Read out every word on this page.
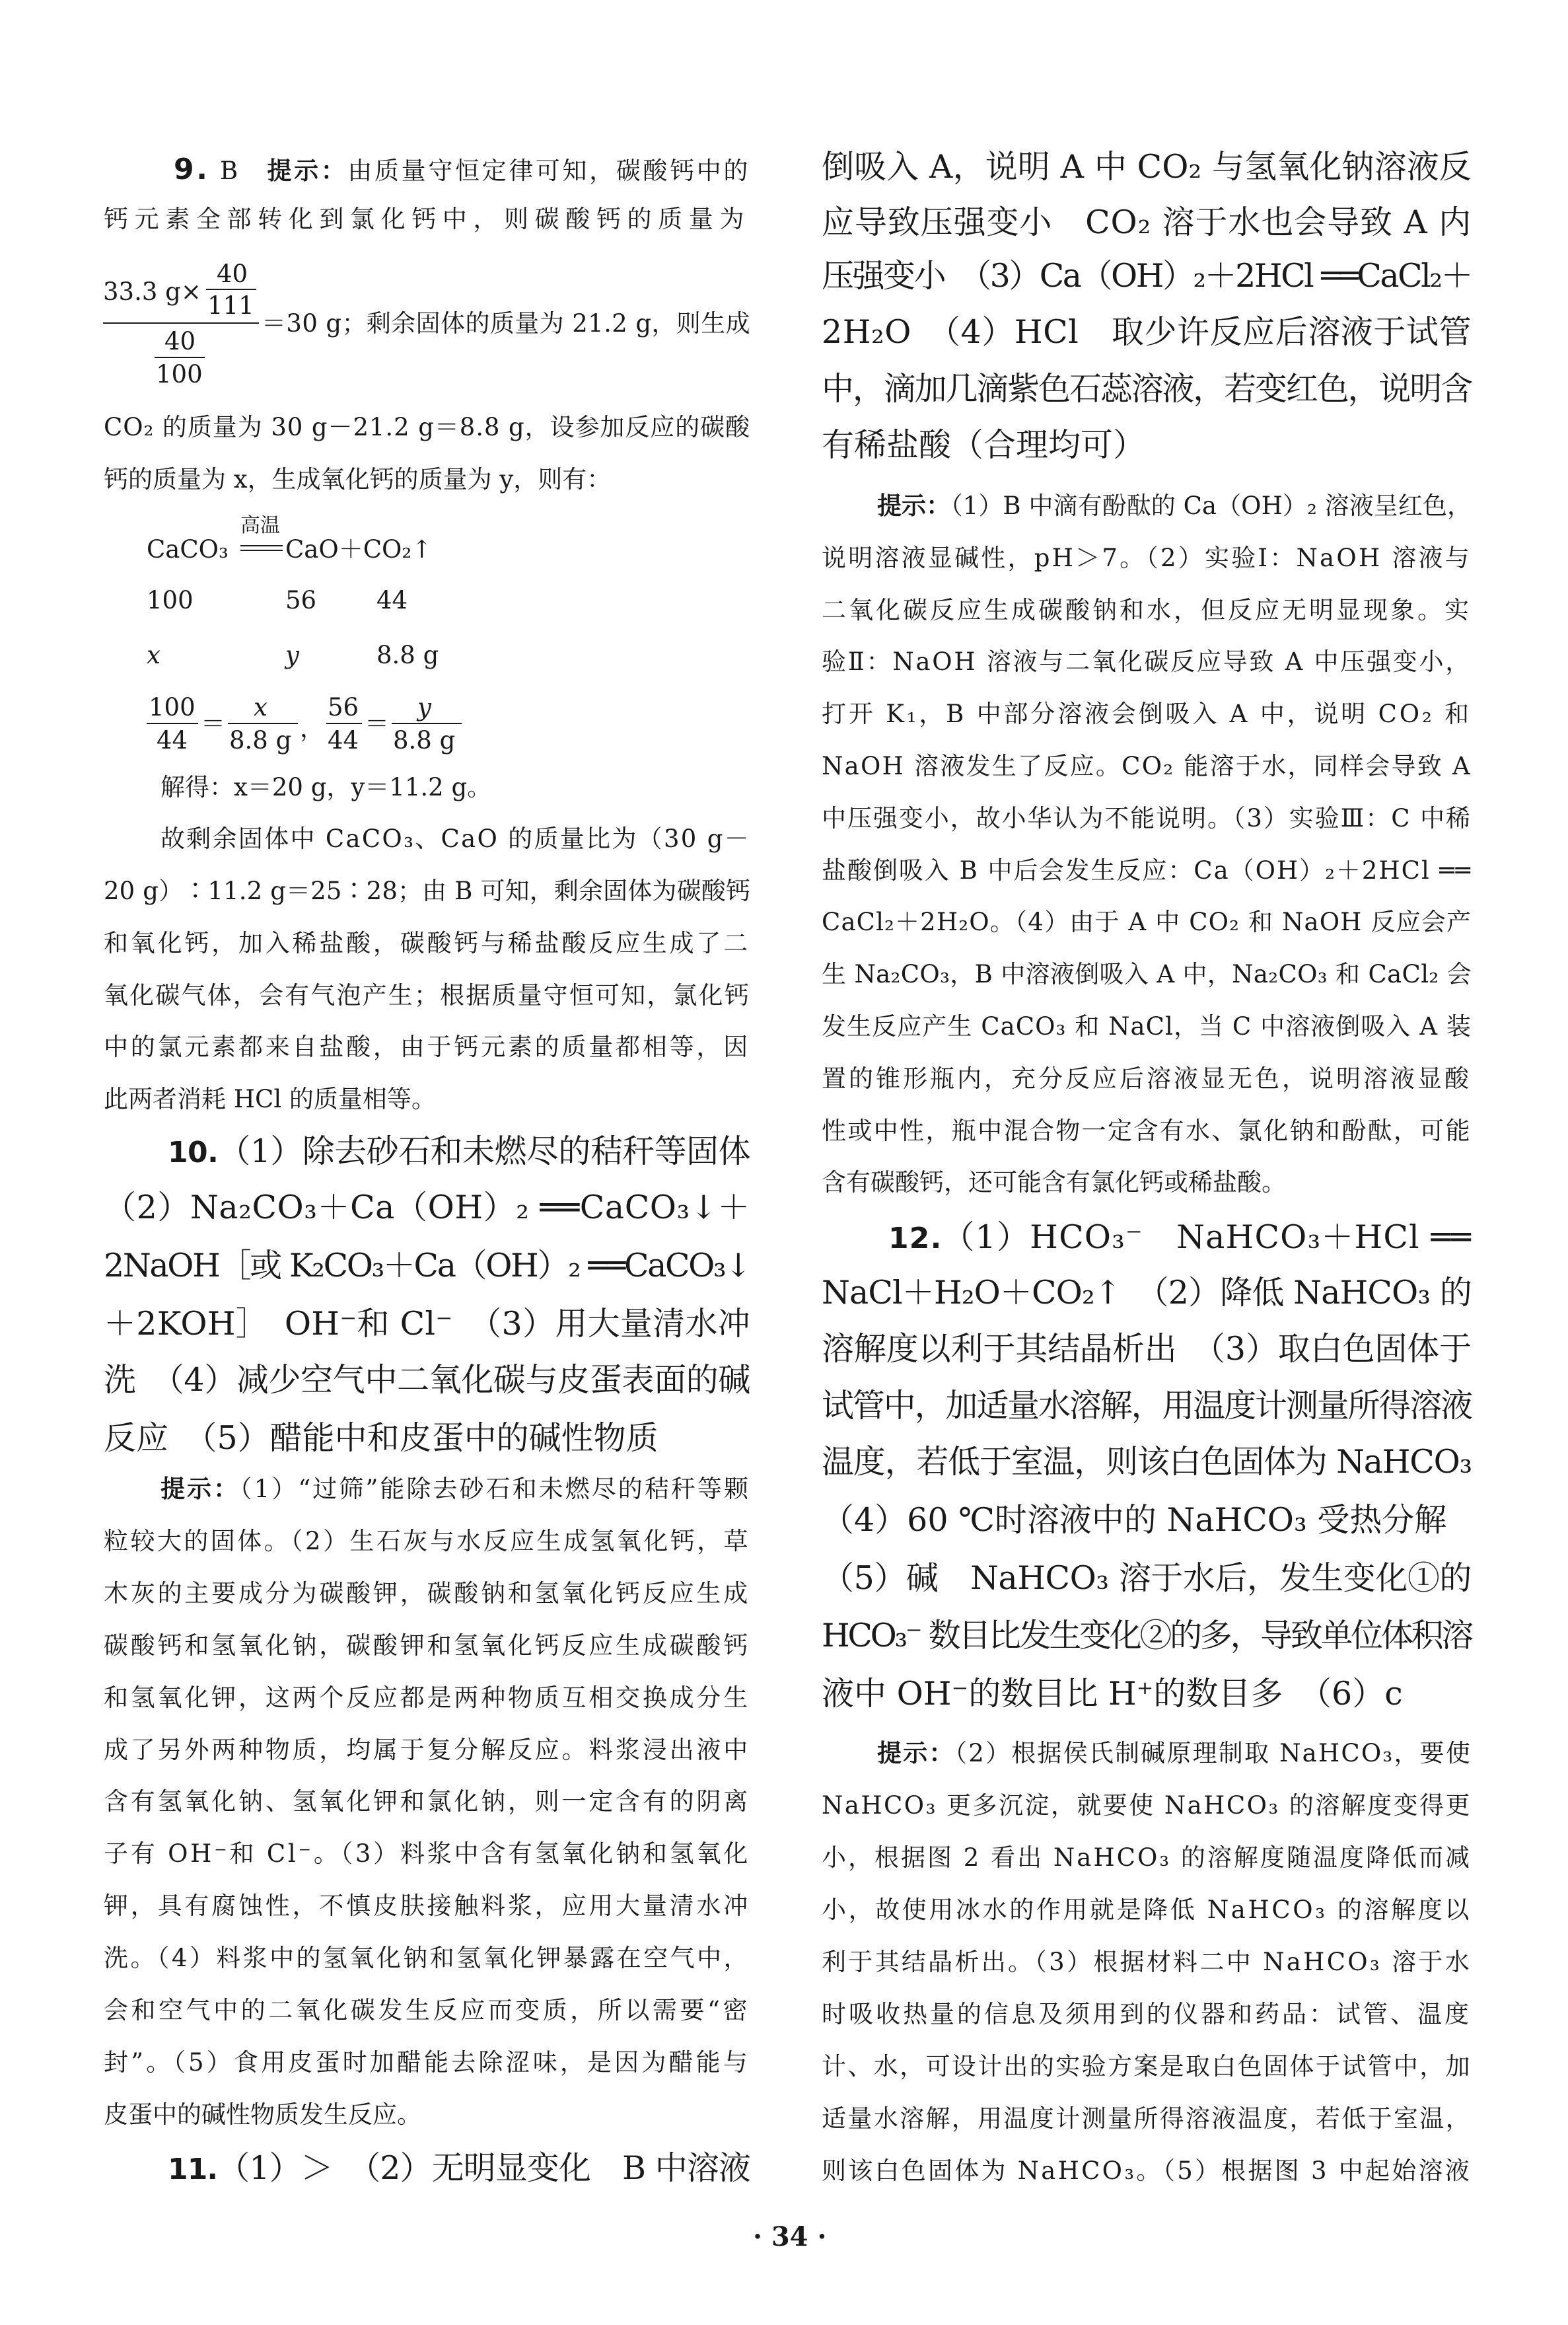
9. B　提示：由质量守恒定律可知，碳酸钙中的
钙元素全部转化到氯化钙中，则碳酸钙的质量为
CO₂ 的质量为 30 g－21.2 g＝8.8 g，设参加反应的碳酸
钙的质量为 x，生成氧化钙的质量为 y，则有：
解得：x＝20 g，y＝11.2 g。
故剩余固体中 CaCO₃、CaO 的质量比为（30 g－
20 g）∶11.2 g＝25∶28；由 B 可知，剩余固体为碳酸钙
和氧化钙，加入稀盐酸，碳酸钙与稀盐酸反应生成了二
氧化碳气体，会有气泡产生；根据质量守恒可知，氯化钙
中的氯元素都来自盐酸，由于钙元素的质量都相等，因
此两者消耗 HCl 的质量相等。
10.（1）除去砂石和未燃尽的秸秆等固体
（2）Na₂CO₃＋Ca（OH）₂ ══CaCO₃↓＋
2NaOH［或 K₂CO₃＋Ca（OH）₂ ══CaCO₃↓
＋2KOH］　OH⁻和 Cl⁻　（3）用大量清水冲
洗　（4）减少空气中二氧化碳与皮蛋表面的碱
反应　（5）醋能中和皮蛋中的碱性物质
提示：（1）“过筛”能除去砂石和未燃尽的秸秆等颗
粒较大的固体。（2）生石灰与水反应生成氢氧化钙，草
木灰的主要成分为碳酸钾，碳酸钠和氢氧化钙反应生成
碳酸钙和氢氧化钠，碳酸钾和氢氧化钙反应生成碳酸钙
和氢氧化钾，这两个反应都是两种物质互相交换成分生
成了另外两种物质，均属于复分解反应。料浆浸出液中
含有氢氧化钠、氢氧化钾和氯化钠，则一定含有的阴离
子有 OH⁻和 Cl⁻。（3）料浆中含有氢氧化钠和氢氧化
钾，具有腐蚀性，不慎皮肤接触料浆，应用大量清水冲
洗。（4）料浆中的氢氧化钠和氢氧化钾暴露在空气中，
会和空气中的二氧化碳发生反应而变质，所以需要“密
封”。（5）食用皮蛋时加醋能去除涩味，是因为醋能与
皮蛋中的碱性物质发生反应。
11.（1）＞　（2）无明显变化　B 中溶液
倒吸入 A，说明 A 中 CO₂ 与氢氧化钠溶液反
应导致压强变小　CO₂ 溶于水也会导致 A 内
压强变小　（3）Ca（OH）₂＋2HCl ══CaCl₂＋
2H₂O　（4）HCl　取少许反应后溶液于试管
中，滴加几滴紫色石蕊溶液，若变红色，说明含
有稀盐酸（合理均可）
提示：（1）B 中滴有酚酞的 Ca（OH）₂ 溶液呈红色，
说明溶液显碱性，pH＞7。（2）实验Ⅰ：NaOH 溶液与
二氧化碳反应生成碳酸钠和水，但反应无明显现象。实
验Ⅱ：NaOH 溶液与二氧化碳反应导致 A 中压强变小，
打开 K₁，B 中部分溶液会倒吸入 A 中，说明 CO₂ 和
NaOH 溶液发生了反应。CO₂ 能溶于水，同样会导致 A
中压强变小，故小华认为不能说明。（3）实验Ⅲ：C 中稀
盐酸倒吸入 B 中后会发生反应：Ca（OH）₂＋2HCl ══
CaCl₂＋2H₂O。（4）由于 A 中 CO₂ 和 NaOH 反应会产
生 Na₂CO₃，B 中溶液倒吸入 A 中，Na₂CO₃ 和 CaCl₂ 会
发生反应产生 CaCO₃ 和 NaCl，当 C 中溶液倒吸入 A 装
置的锥形瓶内，充分反应后溶液显无色，说明溶液显酸
性或中性，瓶中混合物一定含有水、氯化钠和酚酞，可能
含有碳酸钙，还可能含有氯化钙或稀盐酸。
12.（1）HCO₃⁻　NaHCO₃＋HCl ══
NaCl＋H₂O＋CO₂↑　（2）降低 NaHCO₃ 的
溶解度以利于其结晶析出　（3）取白色固体于
试管中，加适量水溶解，用温度计测量所得溶液
温度，若低于室温，则该白色固体为 NaHCO₃
（4）60 ℃时溶液中的 NaHCO₃ 受热分解
（5）碱　NaHCO₃ 溶于水后，发生变化①的
HCO₃⁻ 数目比发生变化②的多，导致单位体积溶
液中 OH⁻的数目比 H⁺的数目多　（6）c
提示：（2）根据侯氏制碱原理制取 NaHCO₃，要使
NaHCO₃ 更多沉淀，就要使 NaHCO₃ 的溶解度变得更
小，根据图 2 看出 NaHCO₃ 的溶解度随温度降低而减
小，故使用冰水的作用就是降低 NaHCO₃ 的溶解度以
利于其结晶析出。（3）根据材料二中 NaHCO₃ 溶于水
时吸收热量的信息及须用到的仪器和药品：试管、温度
计、水，可设计出的实验方案是取白色固体于试管中，加
适量水溶解，用温度计测量所得溶液温度，若低于室温，
则该白色固体为 NaHCO₃。（5）根据图 3 中起始溶液
33.3 g×
40
111
40
100
＝30 g；剩余固体的质量为 21.2 g，则生成
CaCO₃
高温
CaO＋CO₂↑
100	56 44
x	y	8.8 g
100
44
＝
x
8.8 g ，
56
44
＝
y
8.8 g
· 34 ·
